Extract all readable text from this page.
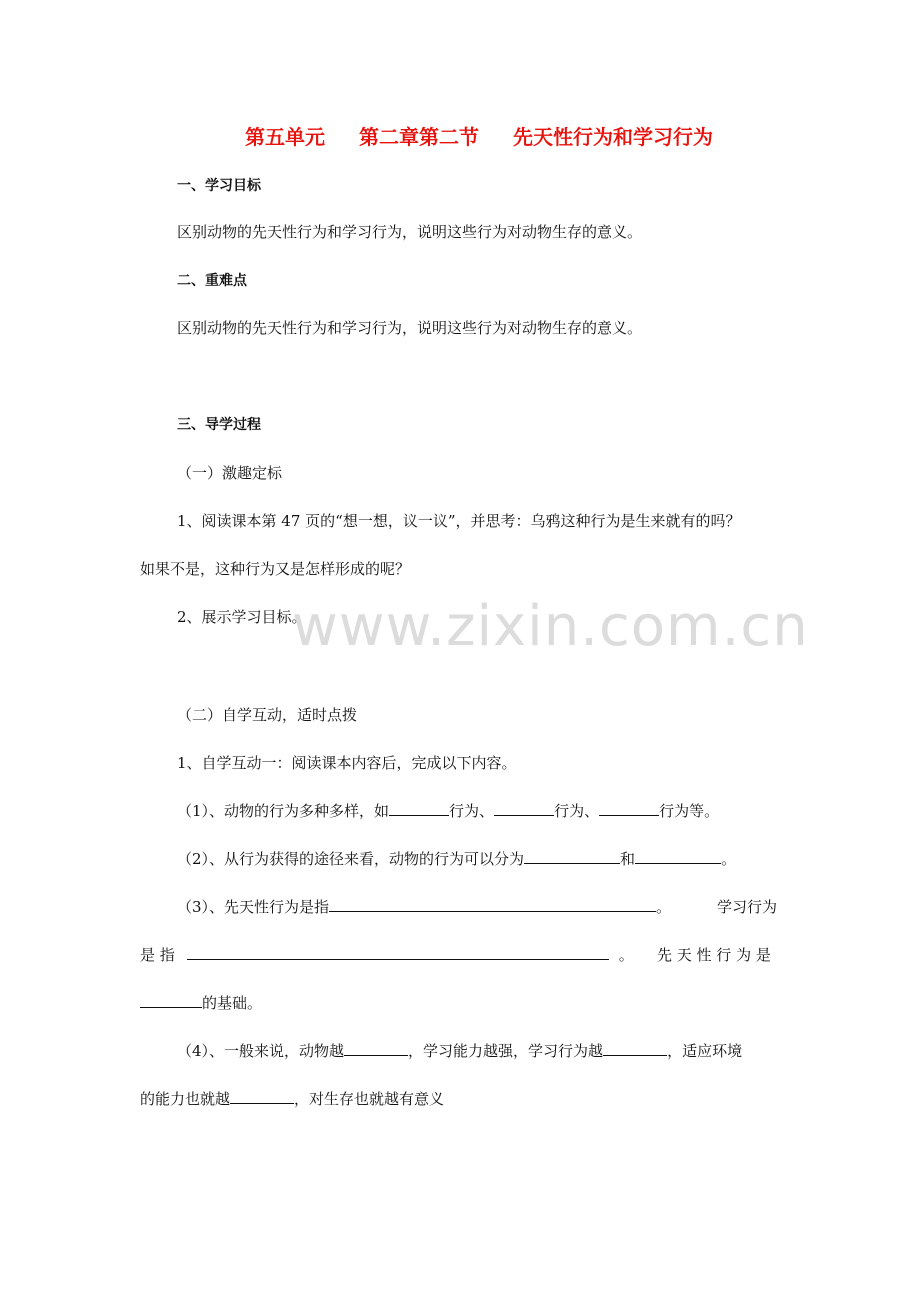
第五单元 第二章第二节 先天性行为和学习行为
一、学习目标
区别动物的先天性行为和学习行为，说明这些行为对动物生存的意义。
二、重难点
区别动物的先天性行为和学习行为，说明这些行为对动物生存的意义。
三、导学过程
（一）激趣定标
1、阅读课本第 47 页的“想一想，议一议”，并思考：乌鸦这种行为是生来就有的吗？
如果不是，这种行为又是怎样形成的呢？
2、展示学习目标。
www.zixin.com.cn
（二）自学互动，适时点拨
1、自学互动一：阅读课本内容后，完成以下内容。
（1）、动物的行为多种多样，如	行为、	行为、	行为等。
（2）、从行为获得的途径来看，动物的行为可以分为	和	。
（3）、先天性行为是指	。	学习行为
是 指	。 先 天 性 行 为 是
的基础。
（4）、一般来说，动物越	，学习能力越强，学习行为越	，适应环境
的能力也就越	，对生存也就越有意义
